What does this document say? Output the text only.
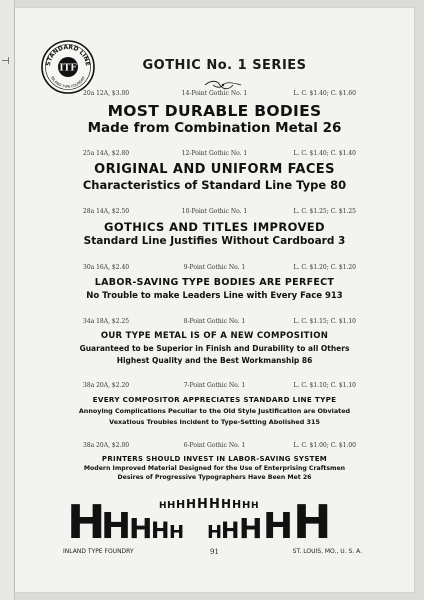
⊣	STANDARD LINE
INLAND TYPE FOUNDRY
ITF	GOTHIC No. 1 SERIES
20a 12A, $3.00	14-Point Gothic No. 1	L. C. $1.40; C. $1.60
MOST DURABLE BODIES
Made from Combination Metal 26
25a 14A, $2.80	12-Point Gothic No. 1	L. C. $1.40; C. $1.40
ORIGINAL AND UNIFORM FACES
Characteristics of Standard Line Type 80
28a 14A, $2.50	10-Point Gothic No. 1	L. C. $1.25; C. $1.25
GOTHICS AND TITLES IMPROVED
Standard Line Justifies Without Cardboard 3
30a 16A, $2.40	9-Point Gothic No. 1	L. C. $1.20; C. $1.20
LABOR-SAVING TYPE BODIES ARE PERFECT
No Trouble to make Leaders Line with Every Face 913
34a 18A, $2.25	8-Point Gothic No. 1	L. C. $1.15; C. $1.10
OUR TYPE METAL IS OF A NEW COMPOSITION
Guaranteed to be Superior in Finish and Durability to all Others
Highest Quality and the Best Workmanship 86
38a 20A, $2.20	7-Point Gothic No. 1	L. C. $1.10; C. $1.10
EVERY COMPOSITOR APPRECIATES STANDARD LINE TYPE
Annoying Complications Peculiar to the Old Style Justification are Obviated
Vexatious Troubles Incident to Type-Setting Abolished 315
38a 20A, $2.00	6-Point Gothic No. 1	L. C. $1.00; C. $1.00
PRINTERS SHOULD INVEST IN LABOR-SAVING SYSTEM
Modern Improved Material Designed for the Use of Enterprising Craftsmen
Desires of Progressive Typographers Have Been Met 26
H
H
H
H H H
H H H H
H H H H H H H H H H
INLAND TYPE FOUNDRY	91	ST. LOUIS, MO., U. S. A.
